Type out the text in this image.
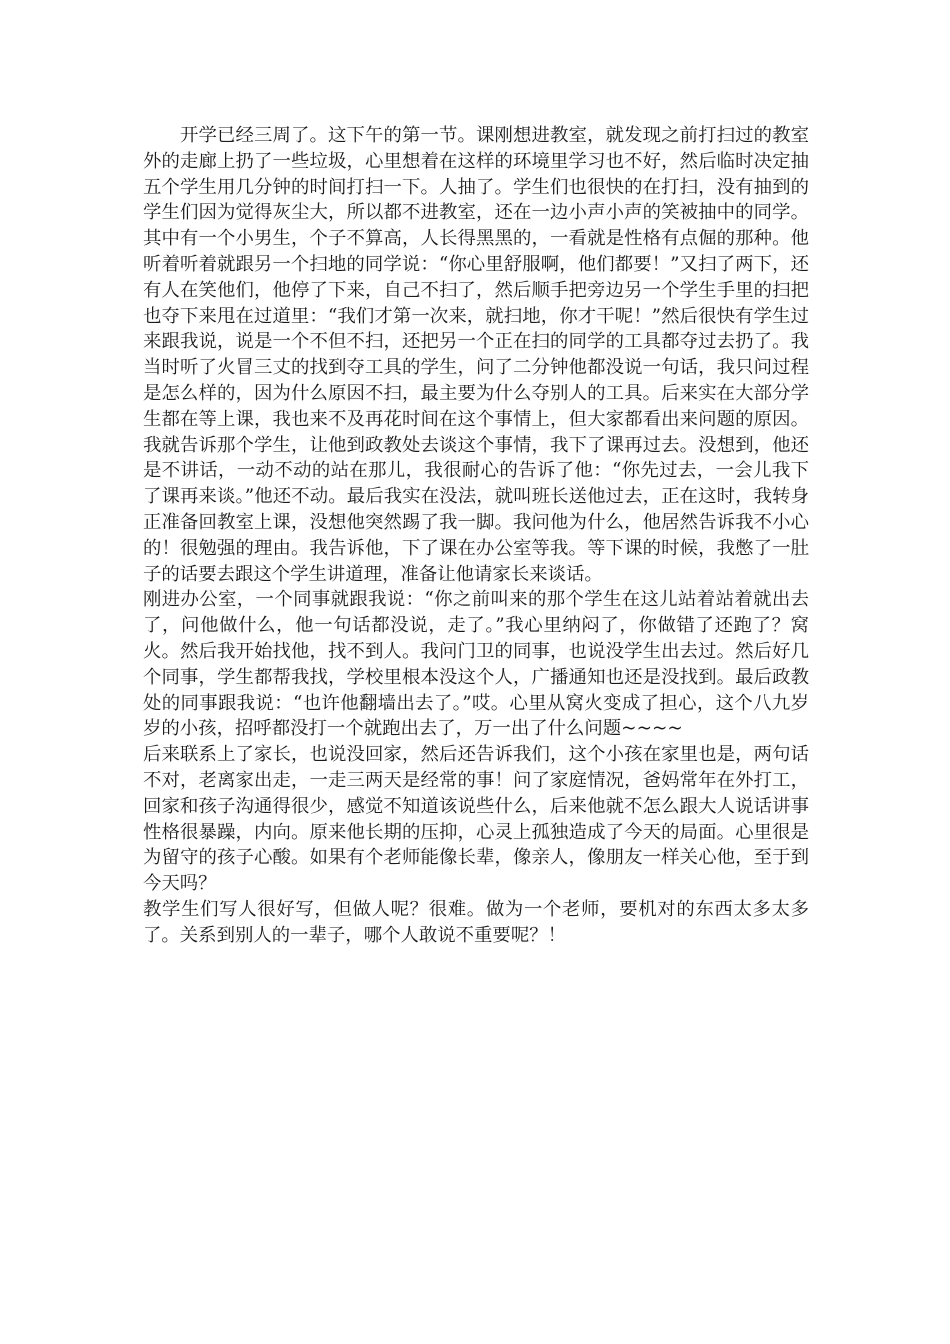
开学已经三周了。这下午的第一节。课刚想进教室，就发现之前打扫过的教室外的走廊上扔了一些垃圾，心里想着在这样的环境里学习也不好，然后临时决定抽五个学生用几分钟的时间打扫一下。人抽了。学生们也很快的在打扫，没有抽到的学生们因为觉得灰尘大，所以都不进教室，还在一边小声小声的笑被抽中的同学。其中有一个小男生，个子不算高，人长得黑黑的，一看就是性格有点倔的那种。他听着听着就跟另一个扫地的同学说：“你心里舒服啊，他们都要！”又扫了两下，还有人在笑他们，他停了下来，自己不扫了，然后顺手把旁边另一个学生手里的扫把也夺下来甩在过道里：“我们才第一次来，就扫地，你才干呢！”然后很快有学生过来跟我说，说是一个不但不扫，还把另一个正在扫的同学的工具都夺过去扔了。我当时听了火冒三丈的找到夺工具的学生，问了二分钟他都没说一句话，我只问过程是怎么样的，因为什么原因不扫，最主要为什么夺别人的工具。后来实在大部分学生都在等上课，我也来不及再花时间在这个事情上，但大家都看出来问题的原因。我就告诉那个学生，让他到政教处去谈这个事情，我下了课再过去。没想到，他还是不讲话，一动不动的站在那儿，我很耐心的告诉了他：“你先过去，一会儿我下了课再来谈。”他还不动。最后我实在没法，就叫班长送他过去，正在这时，我转身正准备回教室上课，没想他突然踢了我一脚。我问他为什么，他居然告诉我不小心的！很勉强的理由。我告诉他，下了课在办公室等我。等下课的时候，我憋了一肚子的话要去跟这个学生讲道理，准备让他请家长来谈话。

刚进办公室，一个同事就跟我说：“你之前叫来的那个学生在这儿站着站着就出去了，问他做什么，他一句话都没说，走了。”我心里纳闷了，你做错了还跑了？窝火。然后我开始找他，找不到人。我问门卫的同事，也说没学生出去过。然后好几个同事，学生都帮我找，学校里根本没这个人，广播通知也还是没找到。最后政教处的同事跟我说：“也许他翻墙出去了。”哎。心里从窝火变成了担心，这个八九岁岁的小孩，招呼都没打一个就跑出去了，万一出了什么问题~~~~

后来联系上了家长，也说没回家，然后还告诉我们，这个小孩在家里也是，两句话不对，老离家出走，一走三两天是经常的事！问了家庭情况，爸妈常年在外打工，回家和孩子沟通得很少，感觉不知道该说些什么，后来他就不怎么跟大人说话讲事性格很暴躁，内向。原来他长期的压抑，心灵上孤独造成了今天的局面。心里很是为留守的孩子心酸。如果有个老师能像长辈，像亲人，像朋友一样关心他，至于到今天吗？

教学生们写人很好写，但做人呢？很难。做为一个老师，要机对的东西太多太多了。关系到别人的一辈子，哪个人敢说不重要呢？！
